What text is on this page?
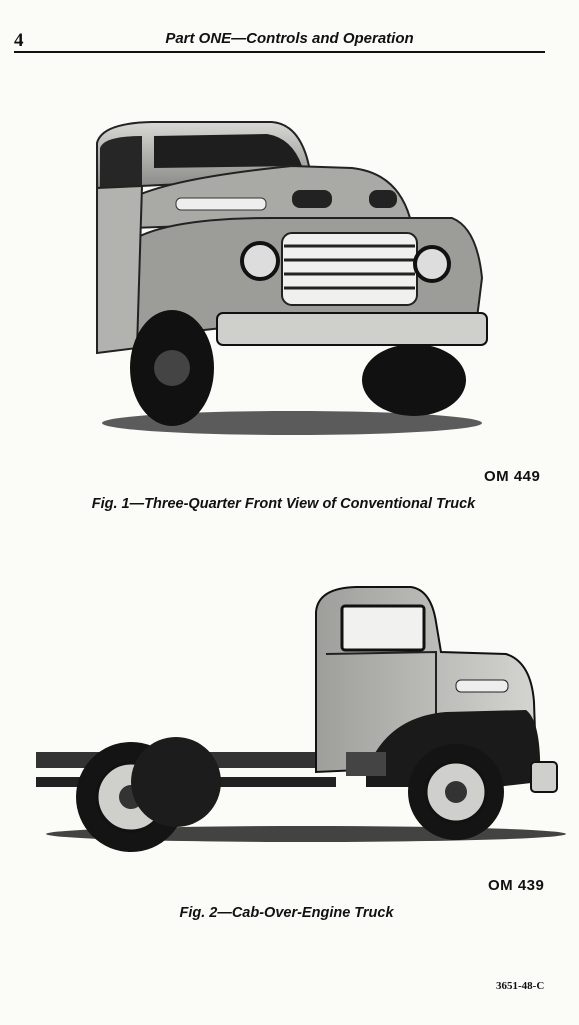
4	Part ONE—Controls and Operation
OM 449
Fig. 1—Three-Quarter Front View of Conventional Truck
OM 439
Fig. 2—Cab-Over-Engine Truck
3651-48-C
